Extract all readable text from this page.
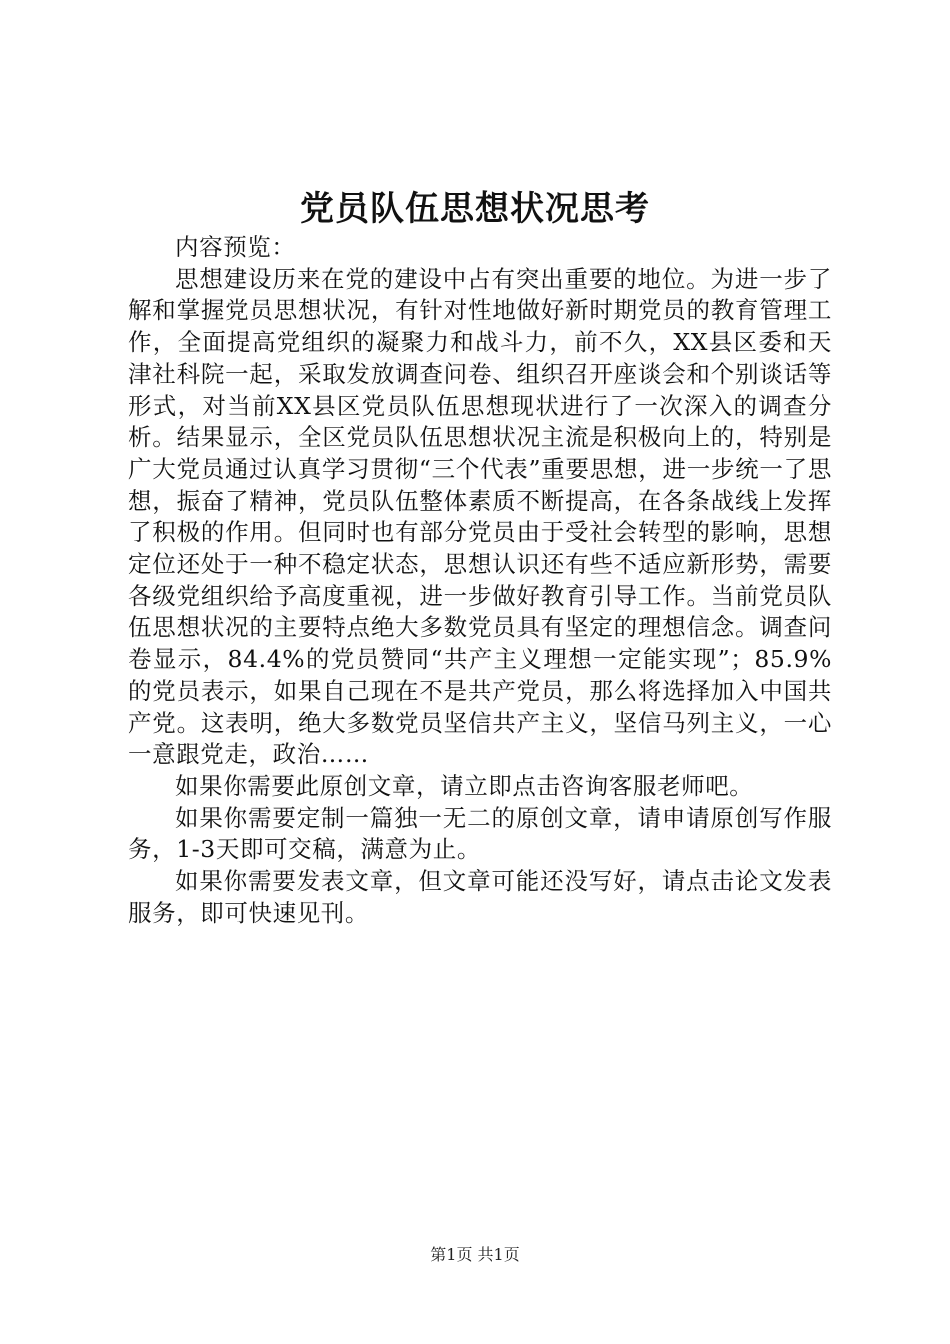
党员队伍思想状况思考

内容预览：

思想建设历来在党的建设中占有突出重要的地位。为进一步了解和掌握党员思想状况，有针对性地做好新时期党员的教育管理工作，全面提高党组织的凝聚力和战斗力，前不久，XX县区委和天津社科院一起，采取发放调查问卷、组织召开座谈会和个别谈话等形式，对当前XX县区党员队伍思想现状进行了一次深入的调查分析。结果显示，全区党员队伍思想状况主流是积极向上的，特别是广大党员通过认真学习贯彻“三个代表”重要思想，进一步统一了思想，振奋了精神，党员队伍整体素质不断提高，在各条战线上发挥了积极的作用。但同时也有部分党员由于受社会转型的影响，思想定位还处于一种不稳定状态，思想认识还有些不适应新形势，需要各级党组织给予高度重视，进一步做好教育引导工作。当前党员队伍思想状况的主要特点绝大多数党员具有坚定的理想信念。调查问卷显示，84.4%的党员赞同“共产主义理想一定能实现”；85.9%的党员表示，如果自己现在不是共产党员，那么将选择加入中国共产党。这表明，绝大多数党员坚信共产主义，坚信马列主义，一心一意跟党走，政治……

如果你需要此原创文章，请立即点击咨询客服老师吧。

如果你需要定制一篇独一无二的原创文章，请申请原创写作服务，1-3天即可交稿，满意为止。

如果你需要发表文章，但文章可能还没写好，请点击论文发表服务，即可快速见刊。

第1页 共1页
